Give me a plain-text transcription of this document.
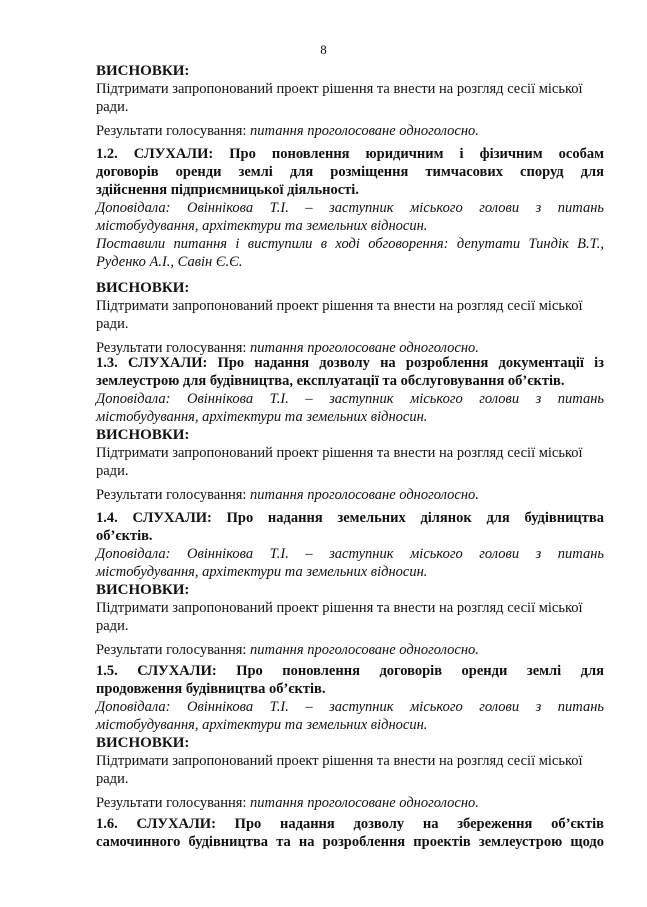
8
ВИСНОВКИ:
Підтримати запропонований проект рішення та внести на розгляд сесії міської
ради.
Результати голосування: питання проголосоване одноголосно.
1.2. СЛУХАЛИ: Про поновлення юридичним і фізичним особам
договорів оренди землі для розміщення тимчасових споруд для
здійснення підприємницької діяльності.
Доповідала: Овіннікова Т.І. – заступник міського голови з питань
містобудування, архітектури та земельних відносин.
Поставили питання і виступили в ході обговорення: депутати Тиндік В.Т.,
Руденко А.І., Савін Є.Є.
ВИСНОВКИ:
Підтримати запропонований проект рішення та внести на розгляд сесії міської
ради.
Результати голосування: питання проголосоване одноголосно.
1.3. СЛУХАЛИ: Про надання дозволу на розроблення документації із
землеустрою для будівництва, експлуатації та обслуговування об’єктів.
Доповідала: Овіннікова Т.І. – заступник міського голови з питань
містобудування, архітектури та земельних відносин.
ВИСНОВКИ:
Підтримати запропонований проект рішення та внести на розгляд сесії міської
ради.
Результати голосування: питання проголосоване одноголосно.
1.4. СЛУХАЛИ: Про надання земельних ділянок для будівництва
об’єктів.
Доповідала: Овіннікова Т.І. – заступник міського голови з питань
містобудування, архітектури та земельних відносин.
ВИСНОВКИ:
Підтримати запропонований проект рішення та внести на розгляд сесії міської
ради.
Результати голосування: питання проголосоване одноголосно.
1.5. СЛУХАЛИ: Про поновлення договорів оренди землі для
продовження будівництва об’єктів.
Доповідала: Овіннікова Т.І. – заступник міського голови з питань
містобудування, архітектури та земельних відносин.
ВИСНОВКИ:
Підтримати запропонований проект рішення та внести на розгляд сесії міської
ради.
Результати голосування: питання проголосоване одноголосно.
1.6. СЛУХАЛИ: Про надання дозволу на збереження об’єктів
самочинного будівництва та на розроблення проектів землеустрою щодо
